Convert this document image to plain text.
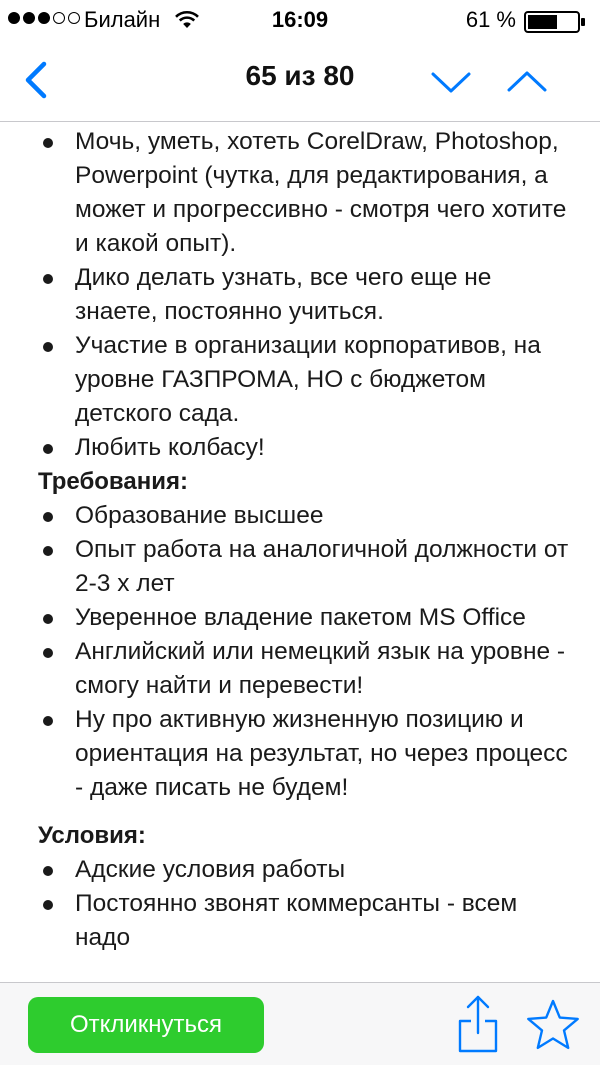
Билайн	16:09	61 %
65 из 80
Мочь, уметь, хотеть CorelDraw, Photoshop, Powerpoint (чутка, для редактирования, а может и прогрессивно - смотря чего хотите и какой опыт).
Дико делать узнать, все чего еще не знаете, постоянно учиться.
Участие в организации корпоративов, на уровне ГАЗПРОМА, НО с бюджетом детского сада.
Любить колбасу!
Требования:
Образование высшее
Опыт работа на аналогичной должности от 2-3 х лет
Уверенное владение пакетом MS Office
Английский или немецкий язык на уровне - смогу найти и перевести!
Ну про активную жизненную позицию и ориентация на результат, но через процесс - даже писать не будем!
Условия:
Адские условия работы
Постоянно звонят коммерсанты - всем надо
Откликнуться
